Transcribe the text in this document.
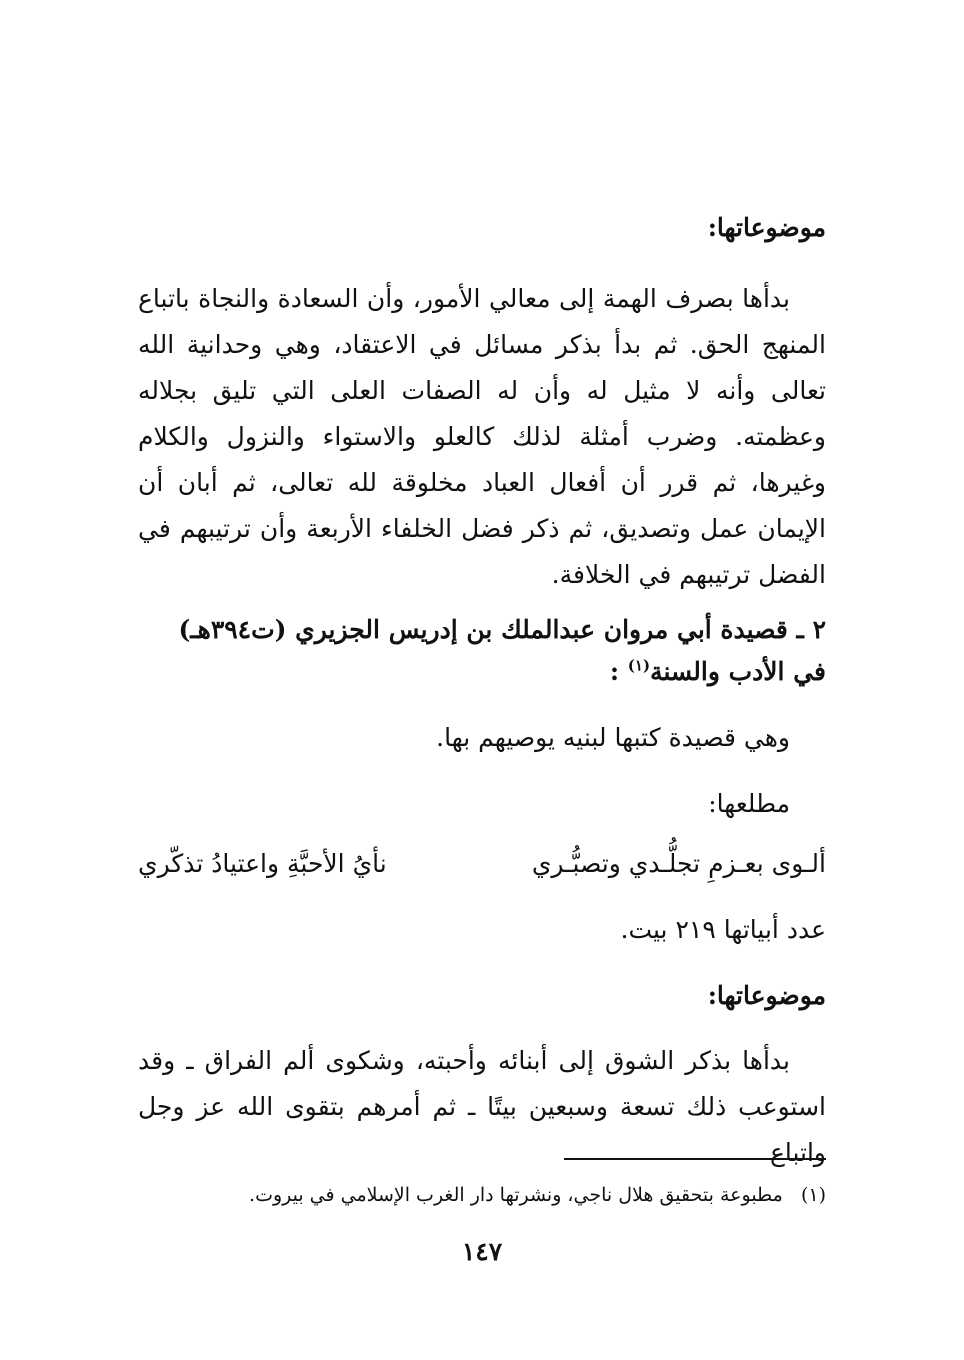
موضوعاتها:
بدأها بصرف الهمة إلى معالي الأمور، وأن السعادة والنجاة باتباع المنهج الحق. ثم بدأ بذكر مسائل في الاعتقاد، وهي وحدانية الله تعالى وأنه لا مثيل له وأن له الصفات العلى التي تليق بجلاله وعظمته. وضرب أمثلة لذلك كالعلو والاستواء والنزول والكلام وغيرها، ثم قرر أن أفعال العباد مخلوقة لله تعالى، ثم أبان أن الإيمان عمل وتصديق، ثم ذكر فضل الخلفاء الأربعة وأن ترتيبهم في الفضل ترتيبهم في الخلافة.
٢ ـ قصيدة أبي مروان عبدالملك بن إدريس الجزيري (ت٣٩٤هـ)
في الأدب والسنة$^{(١)}$ :
وهي قصيدة كتبها لبنيه يوصيهم بها.
مطلعها:
ألـوى بعـزمِ تجلُّـدي وتصبُّـري
نأيُ الأحبَّةِ واعتيادُ تذكّري
عدد أبياتها ٢١٩ بيت.
موضوعاتها:
بدأها بذكر الشوق إلى أبنائه وأحبته، وشكوى ألم الفراق ـ وقد استوعب ذلك تسعة وسبعين بيتًا ـ ثم أمرهم بتقوى الله عز وجل واتباع
(١)   مطبوعة بتحقيق هلال ناجي، ونشرتها دار الغرب الإسلامي في بيروت.
١٤٧
